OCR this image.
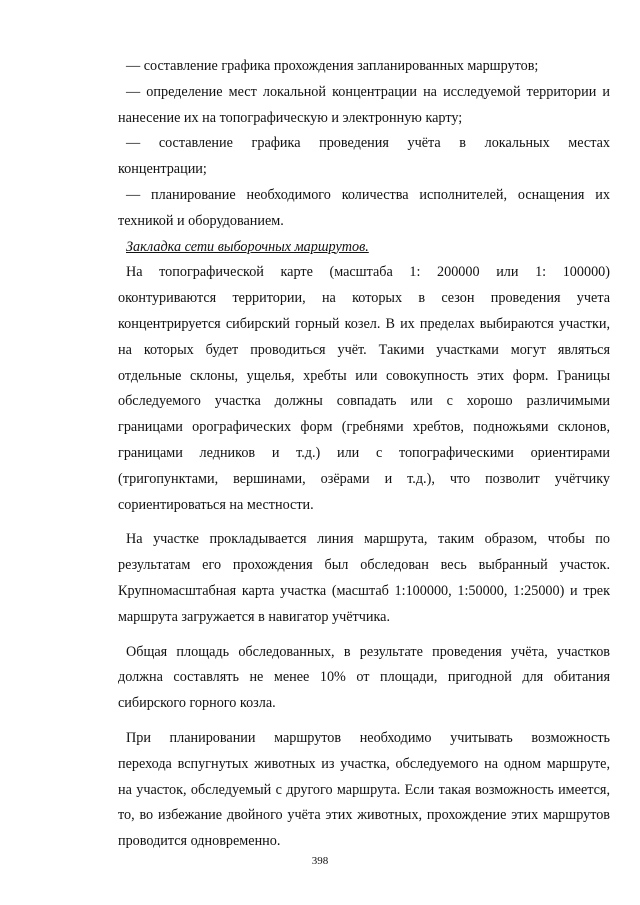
— составление графика прохождения запланированных маршрутов;
— определение мест локальной концентрации на исследуемой территории и
нанесение их на топографическую и электронную карту;
— составление графика проведения учёта в локальных местах
концентрации;
— планирование необходимого количества исполнителей, оснащения их
техникой и оборудованием.
Закладка сети выборочных маршрутов.
На топографической карте (масштаба 1: 200000 или 1: 100000)
оконтуриваются территории, на которых в сезон проведения учета
концентрируется сибирский горный козел. В их пределах выбираются участки,
на которых будет проводиться учёт. Такими участками могут являться
отдельные склоны, ущелья, хребты или совокупность этих форм. Границы
обследуемого участка должны совпадать или с хорошо различимыми
границами орографических форм (гребнями хребтов, подножьями склонов,
границами ледников и т.д.) или с топографическими ориентирами
(тригопунктами, вершинами, озёрами и т.д.), что позволит учётчику
сориентироваться на местности.
На участке прокладывается линия маршрута, таким образом, чтобы по
результатам его прохождения был обследован весь выбранный участок.
Крупномасштабная карта участка (масштаб 1:100000, 1:50000, 1:25000) и трек
маршрута загружается в навигатор учётчика.
Общая площадь обследованных, в результате проведения учёта, участков
должна составлять не менее 10% от площади, пригодной для обитания
сибирского горного козла.
При планировании маршрутов необходимо учитывать возможность
перехода вспугнутых животных из участка, обследуемого на одном маршруте,
на участок, обследуемый с другого маршрута. Если такая возможность имеется,
то, во избежание двойного учёта этих животных, прохождение этих маршрутов
проводится одновременно.
398
